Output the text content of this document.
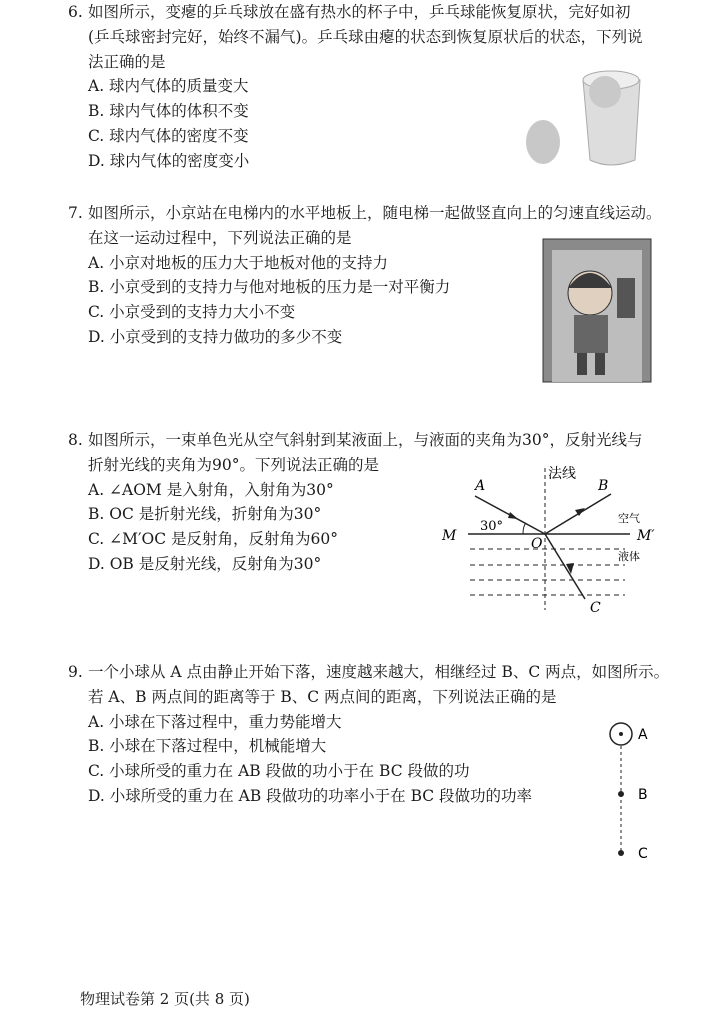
6. 如图所示，变瘪的乒乓球放在盛有热水的杯子中，乒乓球能恢复原状，完好如初
(乒乓球密封完好，始终不漏气)。乒乓球由瘪的状态到恢复原状后的状态，下列说
法正确的是
A. 球内气体的质量变大
B. 球内气体的体积不变
C. 球内气体的密度不变
D. 球内气体的密度变小
7. 如图所示，小京站在电梯内的水平地板上，随电梯一起做竖直向上的匀速直线运动。
在这一运动过程中，下列说法正确的是
A. 小京对地板的压力大于地板对他的支持力
B. 小京受到的支持力与他对地板的压力是一对平衡力
C. 小京受到的支持力大小不变
D. 小京受到的支持力做功的多少不变
8. 如图所示，一束单色光从空气斜射到某液面上，与液面的夹角为30°，反射光线与
折射光线的夹角为90°。下列说法正确的是
A. ∠AOM 是入射角，入射角为30°
B. OC 是折射光线，折射角为30°
C. ∠M′OC 是反射角，反射角为60°
D. OB 是反射光线，反射角为30°
法线
A	B
C
M	M′
O
30°
空气
液体
9. 一个小球从 A 点由静止开始下落，速度越来越大，相继经过 B、C 两点，如图所示。
若 A、B 两点间的距离等于 B、C 两点间的距离，下列说法正确的是
A. 小球在下落过程中，重力势能增大
B. 小球在下落过程中，机械能增大
C. 小球所受的重力在 AB 段做的功小于在 BC 段做的功
D. 小球所受的重力在 AB 段做功的功率小于在 BC 段做功的功率
A
B
C
物理试卷第 2 页(共 8 页)
